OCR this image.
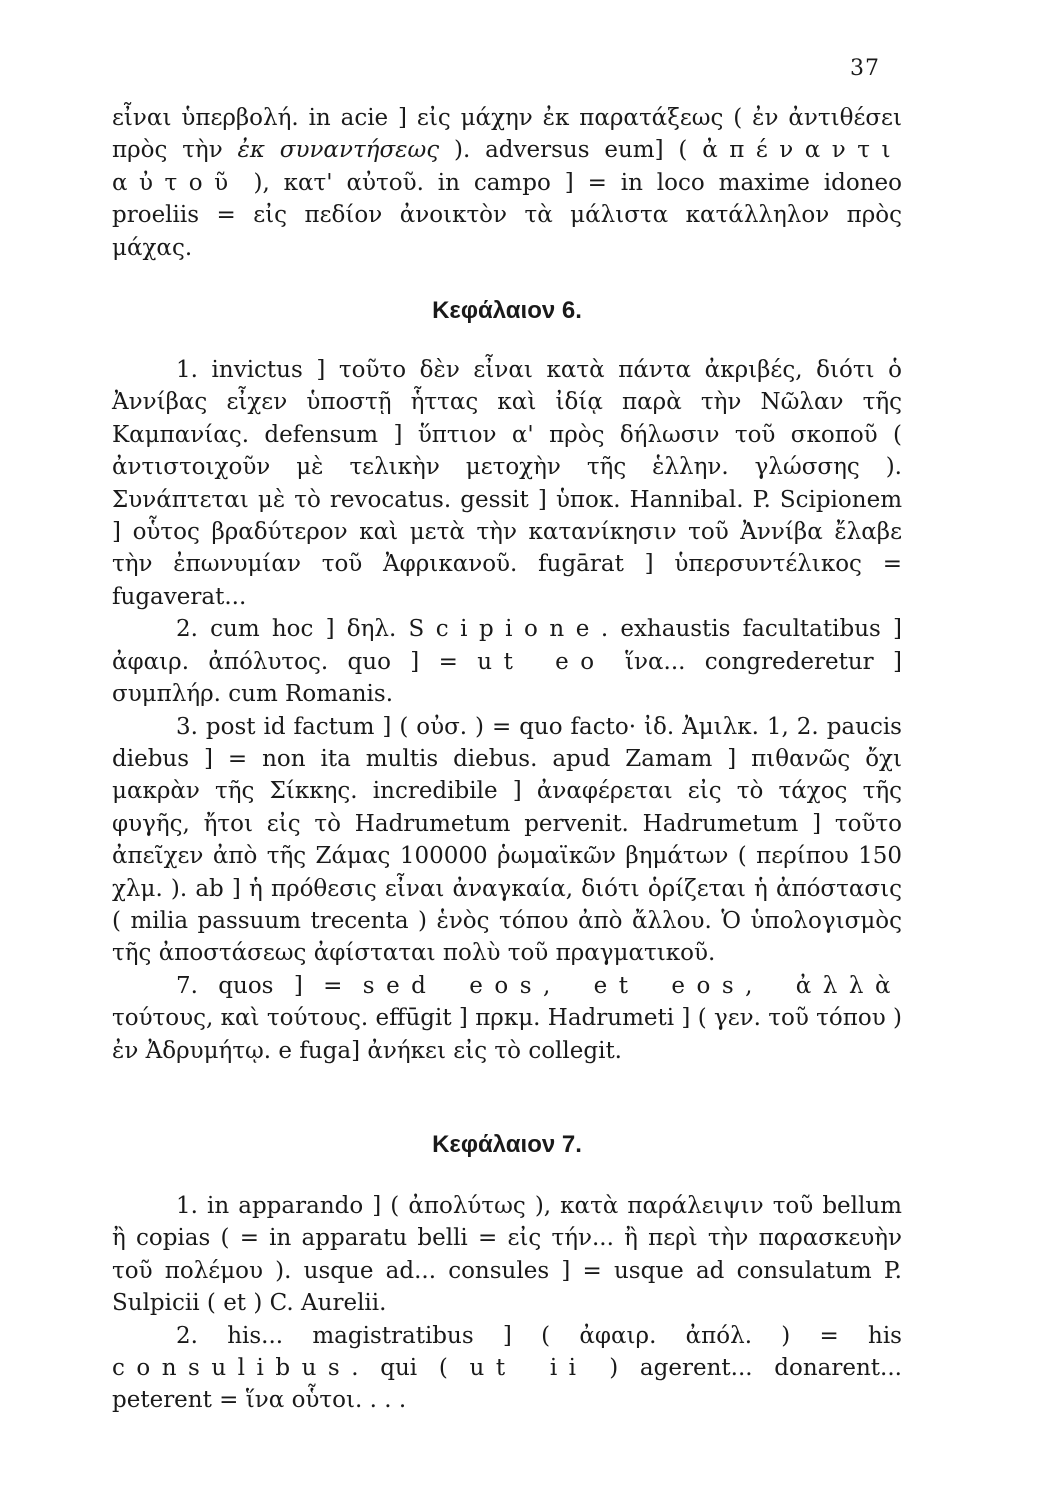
37

εἶναι ὑπερβολή. in acie ] εἰς μάχην ἐκ παρατάξεως ( ἐν ἀντιθέσει πρὸς τὴν ἐκ συναντήσεως ). adversus eum] ( ἀπέναντι αὐτοῦ ), κατ' αὐτοῦ. in campo ] = in loco maxime idoneo proeliis = εἰς πεδίον ἀνοικτὸν τὰ μάλιστα κατάλληλον πρὸς μάχας.

Κεφάλαιον 6.

1. invictus ] τοῦτο δὲν εἶναι κατὰ πάντα ἀκριβές, διότι ὁ Ἀννίβας εἶχεν ὑποστῇ ἧττας καὶ ἰδίᾳ παρὰ τὴν Νῶλαν τῆς Καμπανίας. defensum ] ὕπτιον α' πρὸς δήλωσιν τοῦ σκοποῦ ( ἀντιστοιχοῦν μὲ τελικὴν μετοχὴν τῆς ἑλλην. γλώσσης ). Συνάπτεται μὲ τὸ revocatus. gessit ] ὑποκ. Hannibal. P. Scipionem ] οὗτος βραδύτερον καὶ μετὰ τὴν κατανίκησιν τοῦ Ἀννίβα ἔλαβε τὴν ἐπωνυμίαν τοῦ Ἀφρικανοῦ. fugārat ] ὑπερσυντέλικος = fugaverat...

2. cum hoc ] δηλ. Scipione. exhaustis facultatibus ] ἀφαιρ. ἀπόλυτος. quo ] = ut eo ἵνα... congrederetur ] συμπλήρ. cum Romanis.

3. post id factum ] ( οὐσ. ) = quo facto· ἰδ. Ἀμιλκ. 1, 2. paucis diebus ] = non ita multis diebus. apud Zamam ] πιθανῶς ὄχι μακρὰν τῆς Σίκκης. incredibile ] ἀναφέρεται εἰς τὸ τάχος τῆς φυγῆς, ἤτοι εἰς τὸ Hadrumetum pervenit. Hadrumetum ] τοῦτο ἀπεῖχεν ἀπὸ τῆς Ζάμας 100000 ῥωμαϊκῶν βημάτων ( περίπου 150 χλμ. ). ab ] ἡ πρόθεσις εἶναι ἀναγκαία, διότι ὁρίζεται ἡ ἀπόστασις ( milia passuum trecenta ) ἑνὸς τόπου ἀπὸ ἄλλου. Ὁ ὑπολογισμὸς τῆς ἀποστάσεως ἀφίσταται πολὺ τοῦ πραγματικοῦ.

7. quos ] = sed eos, et eos, ἀλλὰ τούτους, καὶ τούτους. effūgit ] πρκμ. Hadrumeti ] ( γεν. τοῦ τόπου ) ἐν Ἀδρυμήτῳ. e fuga] ἀνήκει εἰς τὸ collegit.

Κεφάλαιον 7.

1. in apparando ] ( ἀπολύτως ), κατὰ παράλειψιν τοῦ bellum ἢ copias ( = in apparatu belli = εἰς τήν... ἢ περὶ τὴν παρασκευὴν τοῦ πολέμου ). usque ad... consules ] = usque ad consulatum P. Sulpicii ( et ) C. Aurelii.

2. his... magistratibus ] ( ἀφαιρ. ἀπόλ. ) = his consulibus. qui ( ut ii ) agerent... donarent... peterent = ἵνα οὗτοι. . . .
